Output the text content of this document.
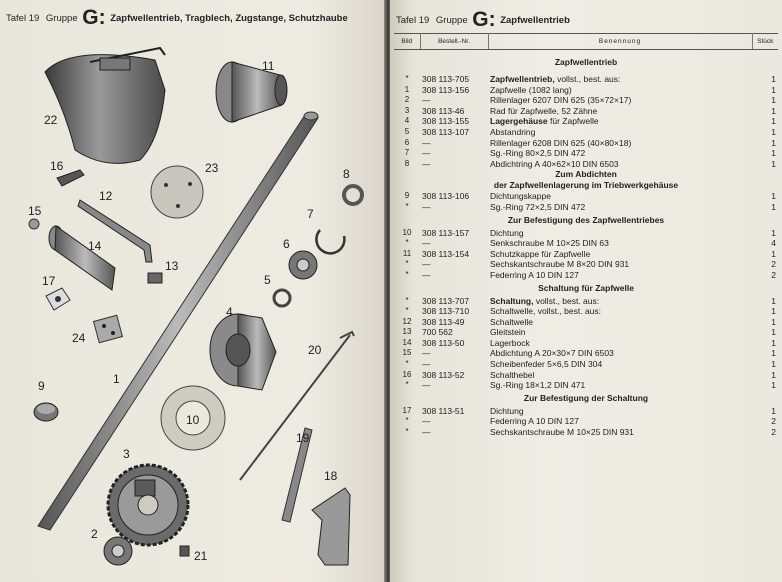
Tafel 19 Gruppe G: Zapfwellentrieb, Tragblech, Zugstange, Schutzhaube
22
11
16	23
12
8
15	7
14
13
6
17	5
24
4
20
9	1
10
19
3
18
2
21
Tafel 19 Gruppe G: Zapfwellentrieb
Bild	Bestell.-Nr.	Benennung	Stück
Zapfwellentrieb			
*	308 113-705	Zapfwellentrieb, vollst., best. aus:	1
1	308 113-156	Zapfwelle (1082 lang)	1
2	—	Rillenlager 6207 DIN 625 (35×72×17)	1
3	308 113-46	Rad für Zapfwelle, 52 Zähne	1
4	308 113-155	Lagergehäuse für Zapfwelle	1
5	308 113-107	Abstandring	1
6	—	Rillenlager 6208 DIN 625 (40×80×18)	1
7	—	Sg.-Ring 80×2,5 DIN 472	1
8	—	Abdichtring A 40×62×10 DIN 6503	1
Zum Abdichten
der Zapfwellenlagerung im Triebwerkgehäuse			
9	308 113-106	Dichtungskappe	1
*	—	Sg.-Ring 72×2,5 DIN 472	1
Zur Befestigung des Zapfwellentriebes			
10	308 113-157	Dichtung	1
*	—	Senkschraube M 10×25 DIN 63	4
11	308 113-154	Schutzkappe für Zapfwelle	1
*	—	Sechskantschraube M 8×20 DIN 931	2
*	—	Federring A 10 DIN 127	2
Schaltung für Zapfwelle			
*	308 113-707	Schaltung, vollst., best. aus:	1
*	308 113-710	Schaltwelle, vollst., best. aus:	1
12	308 113-49	Schaltwelle	1
13	700 562	Gleitstein	1
14	308 113-50	Lagerbock	1
15	—	Abdichtung A 20×30×7 DIN 6503	1
*	—	Scheibenfeder 5×6,5 DIN 304	1
16	308 113-52	Schalthebel	1
*	—	Sg.-Ring 18×1,2 DIN 471	1
Zur Befestigung der Schaltung			
17	308 113-51	Dichtung	1
*	—	Federring A 10 DIN 127	2
*	—	Sechskantschraube M 10×25 DIN 931	2
